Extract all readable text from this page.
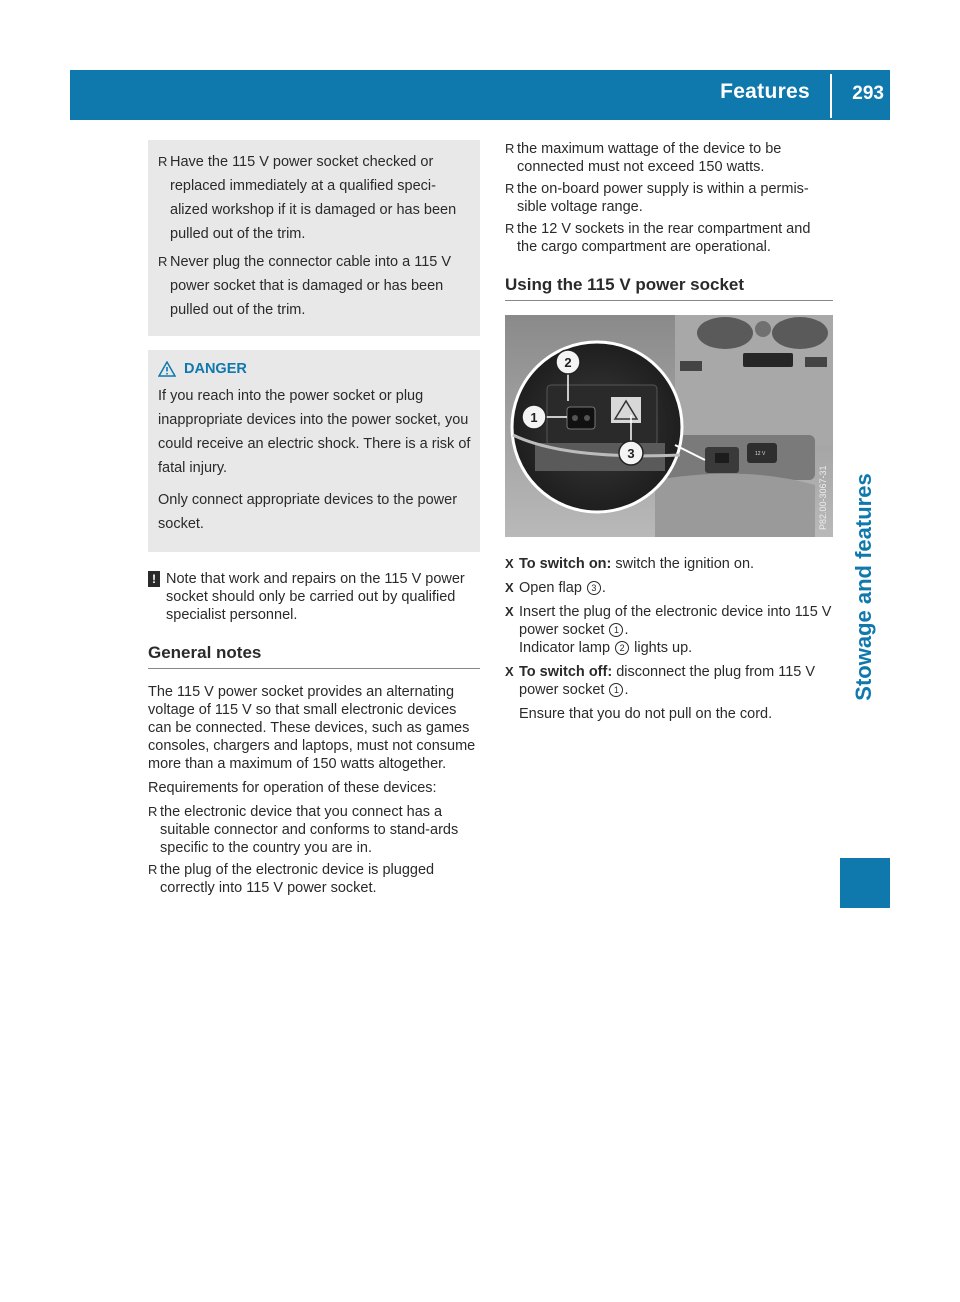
Features 293
Stowage and features
R Have the 115 V power socket checked or replaced immediately at a qualified speci-alized workshop if it is damaged or has been pulled out of the trim.
R Never plug the connector cable into a 115 V power socket that is damaged or has been pulled out of the trim.
DANGER

If you reach into the power socket or plug inappropriate devices into the power socket, you could receive an electric shock. There is a risk of fatal injury.

Only connect appropriate devices to the power socket.

! Note that work and repairs on the 115 V power socket should only be carried out by qualified specialist personnel.
General notes

The 115 V power socket provides an alternating voltage of 115 V so that small electronic devices can be connected. These devices, such as games consoles, chargers and laptops, must not consume more than a maximum of 150 watts altogether.

Requirements for operation of these devices:

R the electronic device that you connect has a suitable connector and conforms to stand-ards specific to the country you are in.
R the plug of the electronic device is plugged correctly into 115 V power socket.
R the maximum wattage of the device to be connected must not exceed 150 watts.
R the on-board power supply is within a permis-sible voltage range.
R the 12 V sockets in the rear compartment and the cargo compartment are operational.
Using the 115 V power socket
12 V
2
1
3
P82.00-3067-31
X To switch on: switch the ignition on.
X Open flap 3 .
X Insert the plug of the electronic device into 115 V power socket 1 .
Indicator lamp 2 lights up.
X To switch off: disconnect the plug from 115 V power socket 1 .

Ensure that you do not pull on the cord.
